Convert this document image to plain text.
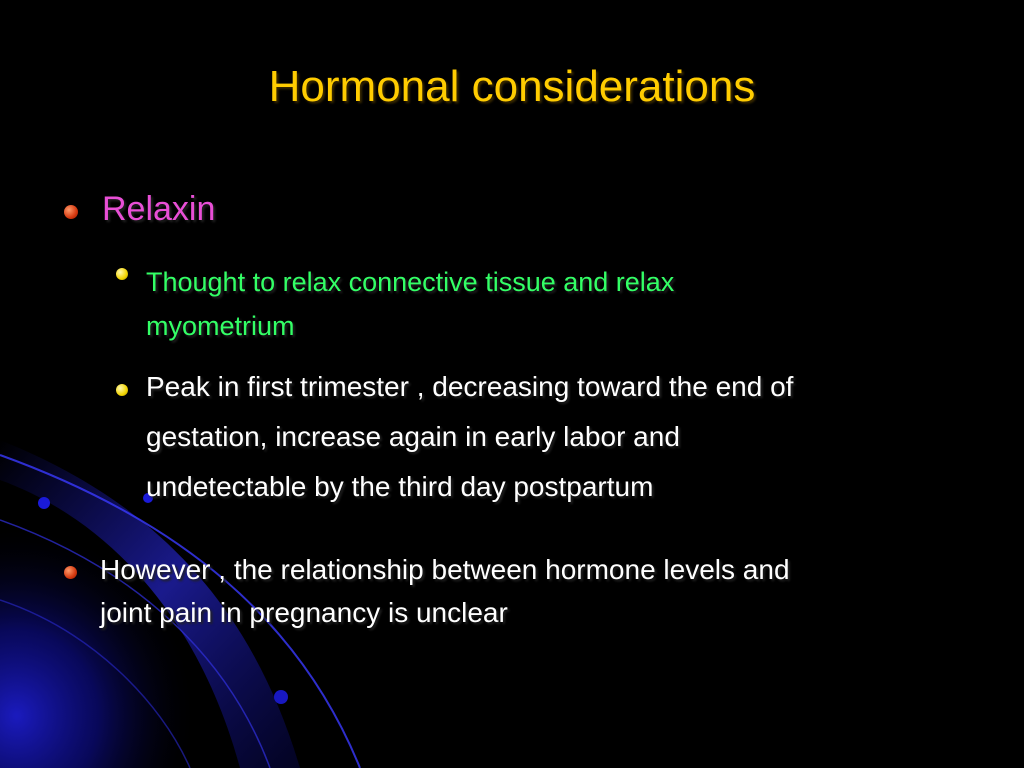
Hormonal considerations
Relaxin
Thought to relax connective tissue and relax
myometrium
Peak in first trimester , decreasing toward the end of
gestation, increase again in early labor and
undetectable by the third day postpartum
However , the relationship between hormone levels and
joint pain in pregnancy is unclear
